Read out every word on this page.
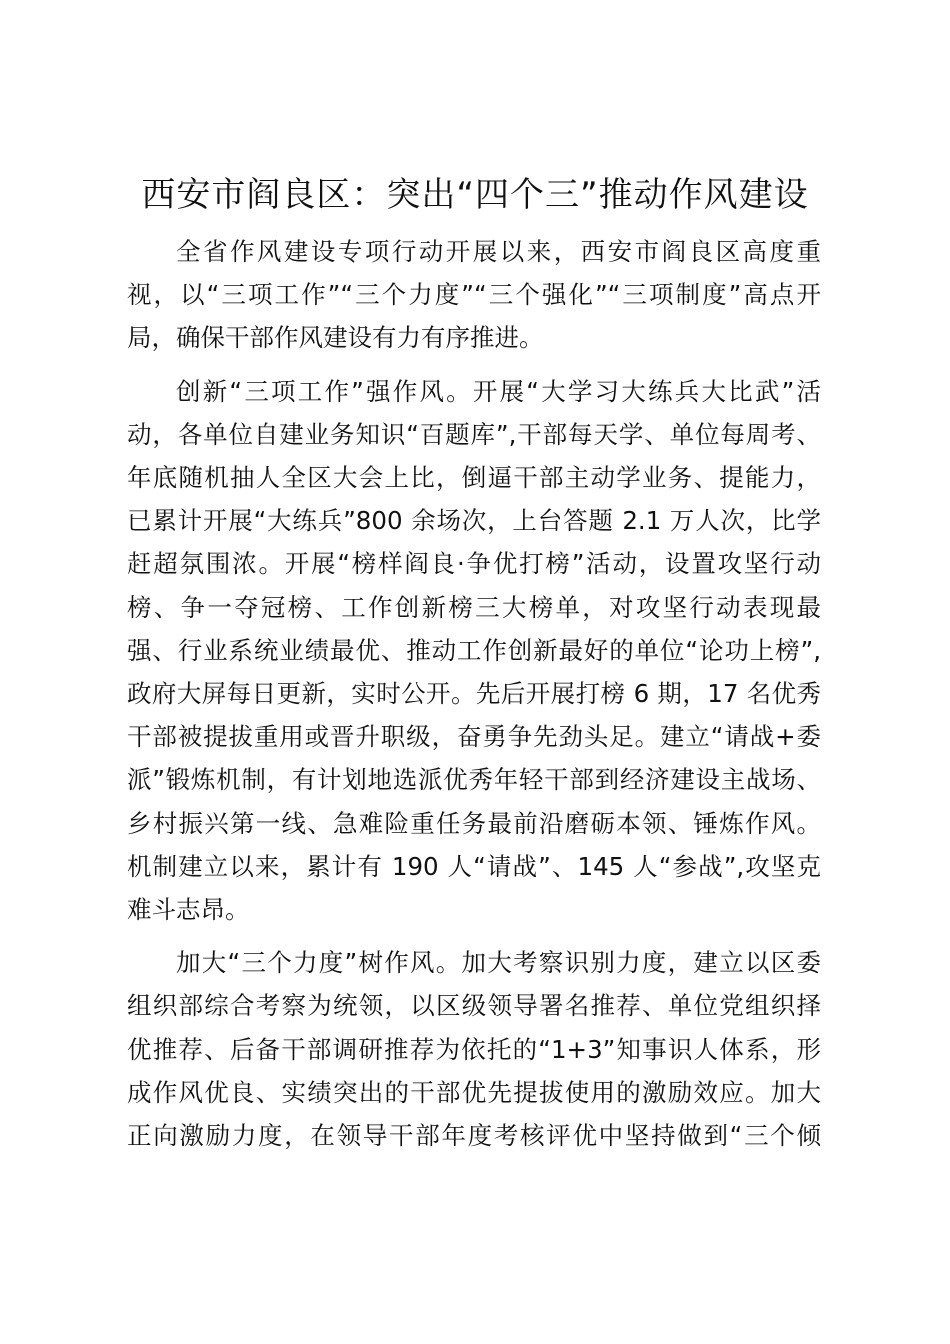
西安市阎良区：突出“四个三”推动作风建设
全省作风建设专项行动开展以来，西安市阎良区高度重
视，以“三项工作”“三个力度”“三个强化”“三项制度”高点开
局，确保干部作风建设有力有序推进。
创新“三项工作”强作风。开展“大学习大练兵大比武”活
动，各单位自建业务知识“百题库”,干部每天学、单位每周考、
年底随机抽人全区大会上比，倒逼干部主动学业务、提能力，
已累计开展“大练兵”800 余场次，上台答题 2.1 万人次，比学
赶超氛围浓。开展“榜样阎良·争优打榜”活动，设置攻坚行动
榜、争一夺冠榜、工作创新榜三大榜单，对攻坚行动表现最
强、行业系统业绩最优、推动工作创新最好的单位“论功上榜”,
政府大屏每日更新，实时公开。先后开展打榜 6 期，17 名优秀
干部被提拔重用或晋升职级，奋勇争先劲头足。建立“请战+委
派”锻炼机制，有计划地选派优秀年轻干部到经济建设主战场、
乡村振兴第一线、急难险重任务最前沿磨砺本领、锤炼作风。
机制建立以来，累计有 190 人“请战”、145 人“参战”,攻坚克
难斗志昂。
加大“三个力度”树作风。加大考察识别力度，建立以区委
组织部综合考察为统领，以区级领导署名推荐、单位党组织择
优推荐、后备干部调研推荐为依托的“1+3”知事识人体系，形
成作风优良、实绩突出的干部优先提拔使用的激励效应。加大
正向激励力度，在领导干部年度考核评优中坚持做到“三个倾
